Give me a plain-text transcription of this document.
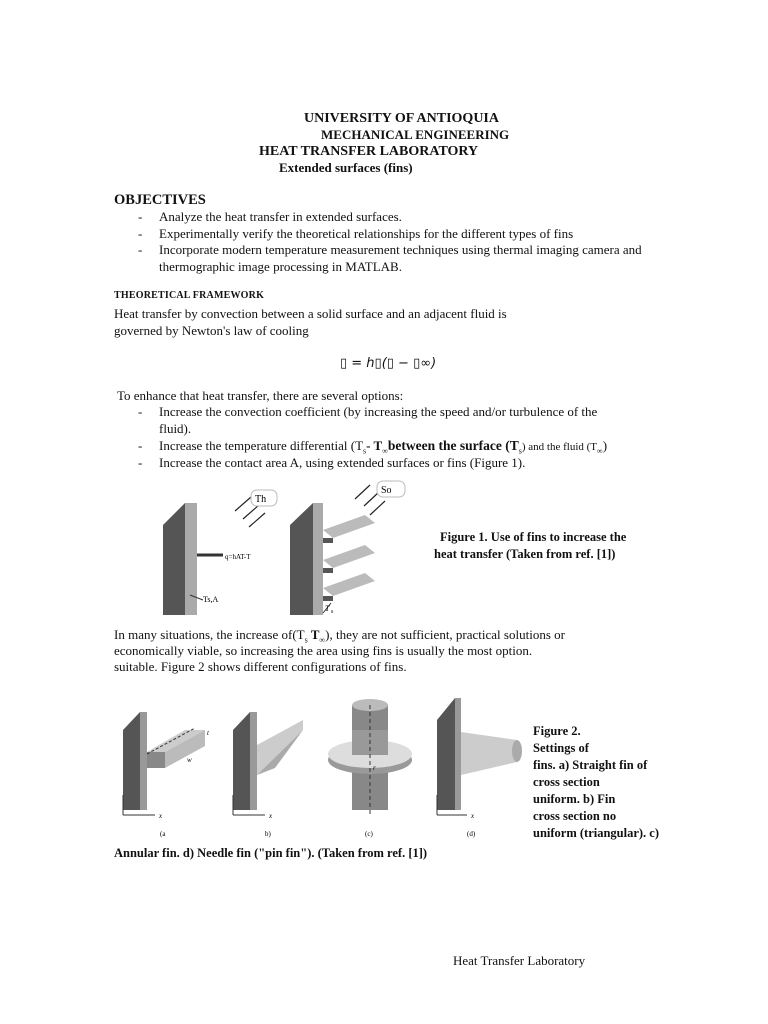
UNIVERSITY OF ANTIOQUIA
MECHANICAL ENGINEERING
HEAT TRANSFER LABORATORY
Extended surfaces (fins)
OBJECTIVES
- Analyze the heat transfer in extended surfaces.
- Experimentally verify the theoretical relationships for the different types of fins
- Incorporate modern temperature measurement techniques using thermal imaging camera and
thermographic image processing in MATLAB.
THEORETICAL FRAMEWORK
Heat transfer by convection between a solid surface and an adjacent fluid is
governed by Newton's law of cooling
▯ = h▯(▯ − ▯∞)
To enhance that heat transfer, there are several options:
- Increase the convection coefficient (by increasing the speed and/or turbulence of the
fluid).
- Increase the temperature differential ($T_s-$ $T_\infty between$ the surface $(T_s)$ and the fluid $(T_\infty)$
- Increase the contact area A, using extended surfaces or fins (Figure 1).
Th
q=hAT-T
Ts,A
T s
So
Figure 1. Use of fins to increase the
heat transfer (Taken from ref. [1])
In many situations, the increase $of(T_s$ $T_\infty$), they are not sufficient, practical solutions or
economically viable, so increasing the area using fins is usually the most option.
suitable. Figure 2 shows different configurations of fins.
x
t
w
(a
x
b)
r
(c)
x
(d)
Figure 2.
Settings of
fins. a) Straight fin of
cross section
uniform. b) Fin
cross section no
uniform (triangular). c)
Annular fin. d) Needle fin ("pin fin"). (Taken from ref. [1])
Heat Transfer Laboratory
